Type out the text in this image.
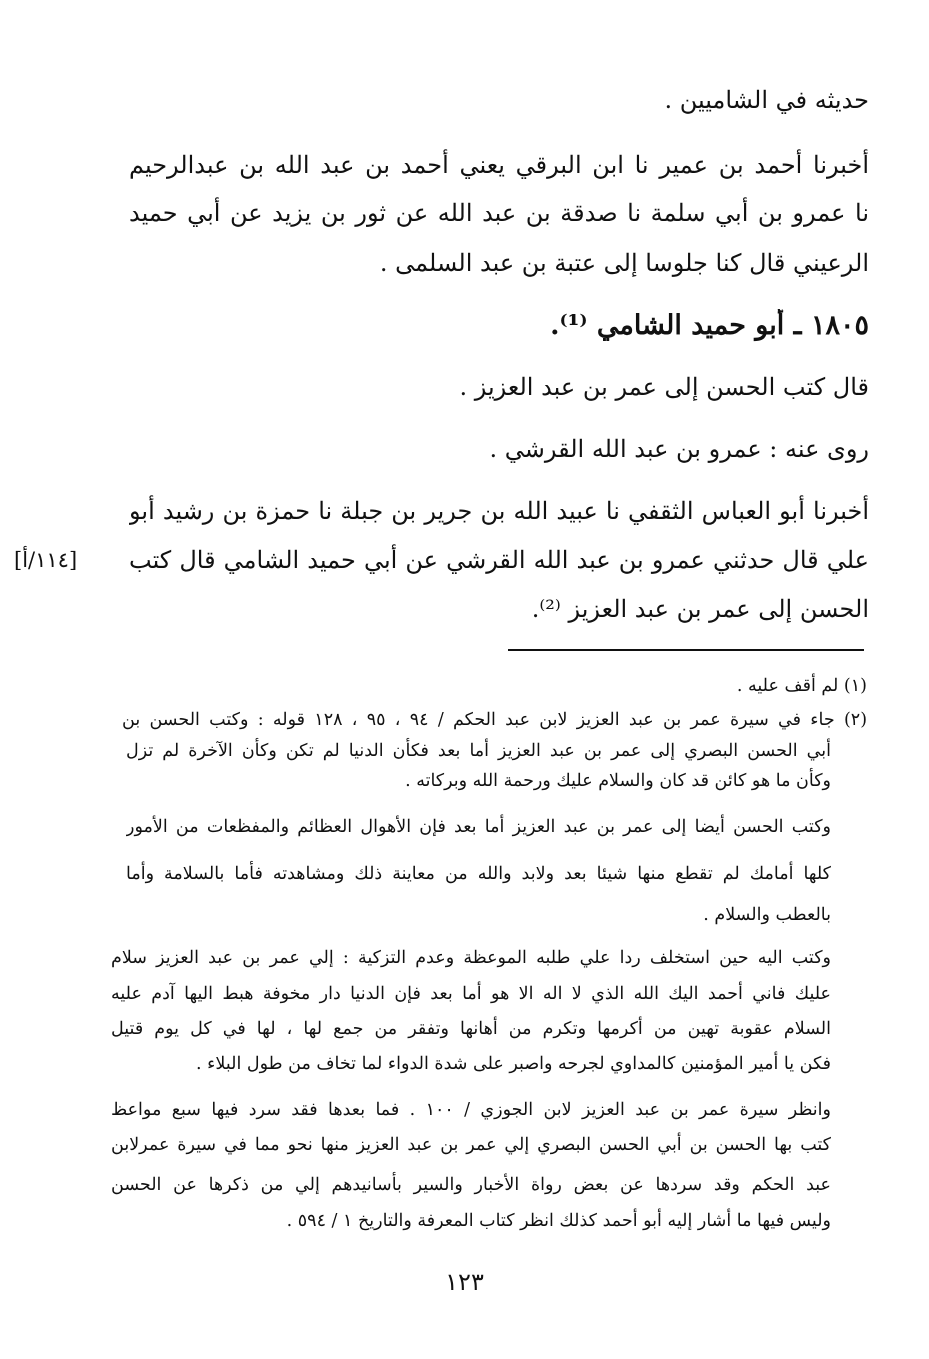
حديثه في الشاميين .
أخبرنا أحمد بن عمير نا ابن البرقي يعني أحمد بن عبد الله بن عبدالرحيم
نا عمرو بن أبي سلمة نا صدقة بن عبد الله عن ثور بن يزيد عن أبي حميد
الرعيني قال كنا جلوسا إلى عتبة بن عبد السلمى .
١٨٠٥ ـ أبو حميد الشامي ⁽¹⁾.
قال كتب الحسن إلى عمر بن عبد العزيز .
روى عنه : عمرو بن عبد الله القرشي .
أخبرنا أبو العباس الثقفي نا عبيد الله بن جرير بن جبلة نا حمزة بن رشيد أبو
علي قال حدثني عمرو بن عبد الله القرشي عن أبي حميد الشامي قال كتب
الحسن إلى عمر بن عبد العزيز ⁽²⁾.
[١١٤/أ]
(١) لم أقف عليه .
(٢) جاء في سيرة عمر بن عبد العزيز لابن عبد الحكم / ٩٤ ، ٩٥ ، ١٢٨ قوله : وكتب الحسن بن
أبي الحسن البصري إلى عمر بن عبد العزيز أما بعد فكأن الدنيا لم تكن وكأن الآخرة لم تزل
وكأن ما هو كائن قد كان والسلام عليك ورحمة الله وبركاته .
وكتب الحسن أيضا إلى عمر بن عبد العزيز أما بعد فإن الأهوال العظائم والمفظعات من الأمور
كلها أمامك لم تقطع منها شيئا بعد ولابد والله من معاينة ذلك ومشاهدته فأما بالسلامة وأما
بالعطب والسلام .
وكتب اليه حين استخلف ردا علي طلبه الموعظة وعدم التزكية : إلي عمر بن عبد العزيز سلام
عليك فاني أحمد اليك الله الذي لا اله الا هو أما بعد فإن الدنيا دار مخوفة هبط اليها آدم عليه
السلام عقوبة تهين من أكرمها وتكرم من أهانها وتفقر من جمع لها ، لها في كل يوم قتيل
فكن يا أمير المؤمنين كالمداوي لجرحه واصبر على شدة الدواء لما تخاف من طول البلاء .
وانظر سيرة عمر بن عبد العزيز لابن الجوزي / ١٠٠ . فما بعدها فقد سرد فيها سبع مواعظ
كتب بها الحسن بن أبي الحسن البصري إلي عمر بن عبد العزيز منها نحو مما في سيرة عمرلابن
عبد الحكم وقد سردها عن بعض رواة الأخبار والسير بأسانيدهم إلي من ذكرها عن الحسن
وليس فيها ما أشار إليه أبو أحمد كذلك انظر كتاب المعرفة والتاريخ ١ / ٥٩٤ .
١٢٣
